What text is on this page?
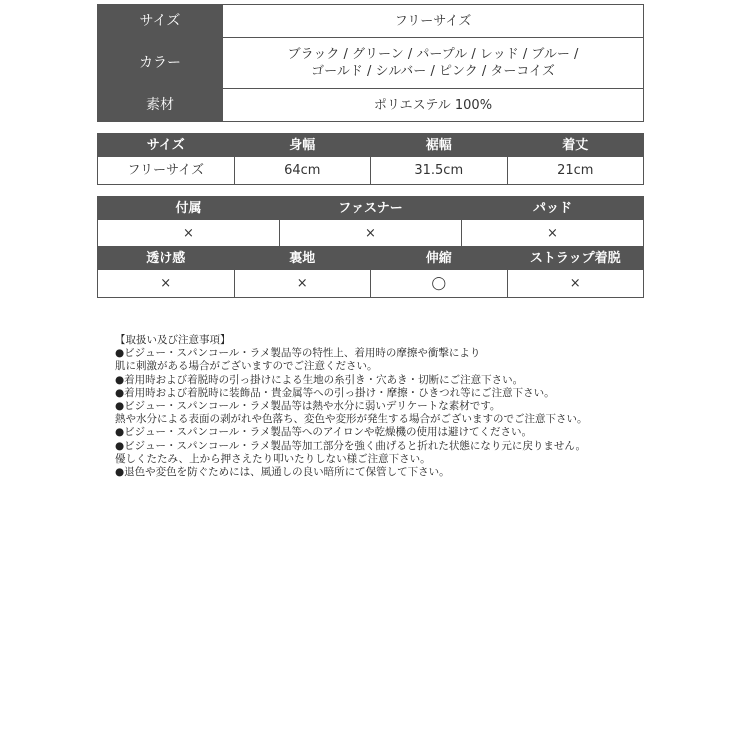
サイズ	フリーサイズ
カラー	ブラック / グリーン / パープル / レッド / ブルー /
ゴールド / シルバー / ピンク / ターコイズ

素材	ポリエステル 100%
サイズ	身幅	裾幅	着丈
フリーサイズ	64cm	31.5cm	21cm
付属	ファスナー	パッド
×	×	×
透け感	裏地	伸縮	ストラップ着脱
×	×	◯	×
【取扱い及び注意事項】
●ビジュー・スパンコール・ラメ製品等の特性上、着用時の摩擦や衝撃により
肌に刺激がある場合がございますのでご注意ください。
●着用時および着脱時の引っ掛けによる生地の糸引き・穴あき・切断にご注意下さい。
●着用時および着脱時に装飾品・貴金属等への引っ掛け・摩擦・ひきつれ等にご注意下さい。
●ビジュー・スパンコール・ラメ製品等は熱や水分に弱いデリケートな素材です。
熱や水分による表面の剥がれや色落ち、変色や変形が発生する場合がございますのでご注意下さい。
●ビジュー・スパンコール・ラメ製品等へのアイロンや乾燥機の使用は避けてください。
●ビジュー・スパンコール・ラメ製品等加工部分を強く曲げると折れた状態になり元に戻りません。
優しくたたみ、上から押さえたり叩いたりしない様ご注意下さい。
●退色や変色を防ぐためには、風通しの良い暗所にて保管して下さい。
